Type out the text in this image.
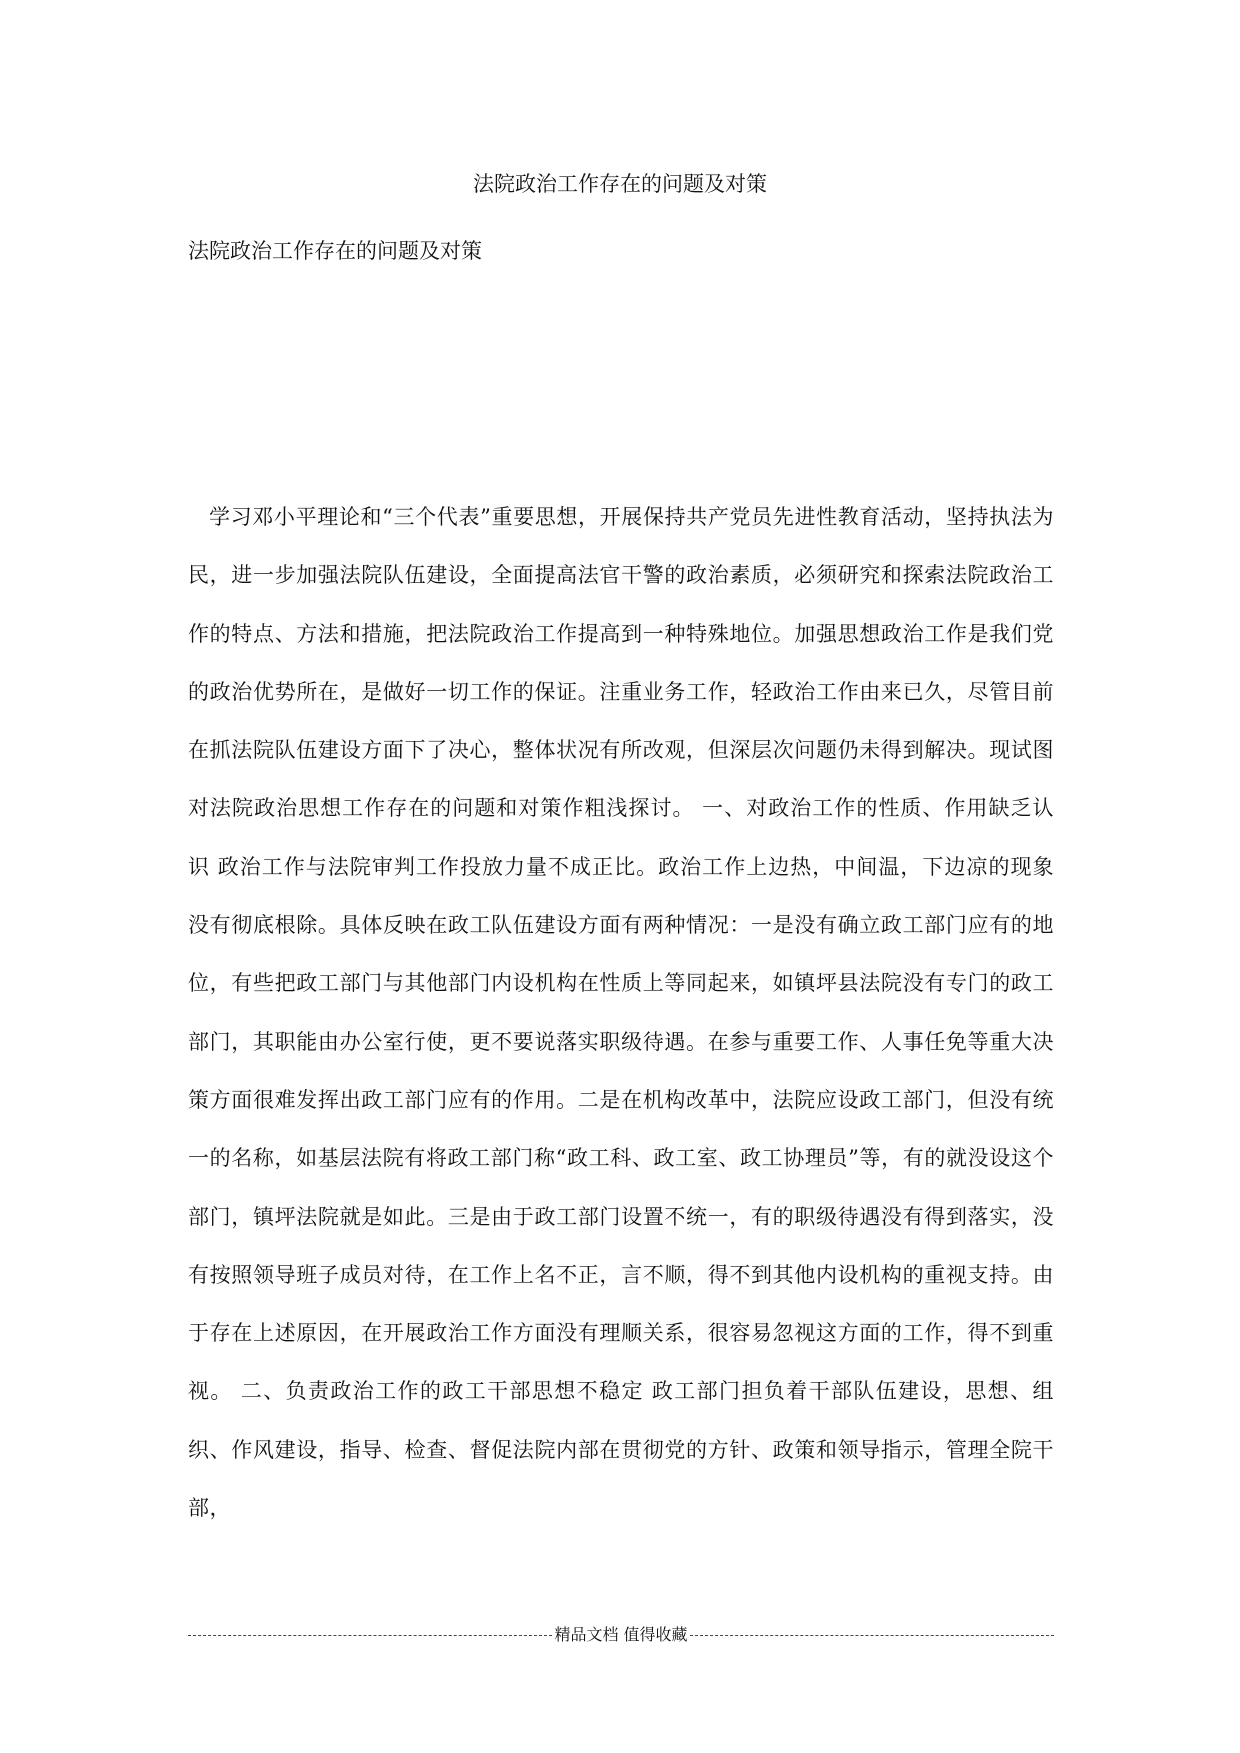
法院政治工作存在的问题及对策
法院政治工作存在的问题及对策

学习邓小平理论和“三个代表”重要思想，开展保持共产党员先进性教育活动，坚持执法为民，进一步加强法院队伍建设，全面提高法官干警的政治素质，必须研究和探索法院政治工作的特点、方法和措施，把法院政治工作提高到一种特殊地位。加强思想政治工作是我们党的政治优势所在，是做好一切工作的保证。注重业务工作，轻政治工作由来已久，尽管目前在抓法院队伍建设方面下了决心，整体状况有所改观，但深层次问题仍未得到解决。现试图对法院政治思想工作存在的问题和对策作粗浅探讨。 一、对政治工作的性质、作用缺乏认识 政治工作与法院审判工作投放力量不成正比。政治工作上边热，中间温，下边凉的现象没有彻底根除。具体反映在政工队伍建设方面有两种情况：一是没有确立政工部门应有的地位，有些把政工部门与其他部门内设机构在性质上等同起来，如镇坪县法院没有专门的政工部门，其职能由办公室行使，更不要说落实职级待遇。在参与重要工作、人事任免等重大决策方面很难发挥出政工部门应有的作用。二是在机构改革中，法院应设政工部门，但没有统一的名称，如基层法院有将政工部门称“政工科、政工室、政工协理员”等，有的就没设这个部门，镇坪法院就是如此。三是由于政工部门设置不统一，有的职级待遇没有得到落实，没有按照领导班子成员对待，在工作上名不正，言不顺，得不到其他内设机构的重视支持。由于存在上述原因，在开展政治工作方面没有理顺关系，很容易忽视这方面的工作，得不到重视。 二、负责政治工作的政工干部思想不稳定 政工部门担负着干部队伍建设，思想、组织、作风建设，指导、检查、督促法院内部在贯彻党的方针、政策和领导指示，管理全院干部，

精品文档 值得收藏
